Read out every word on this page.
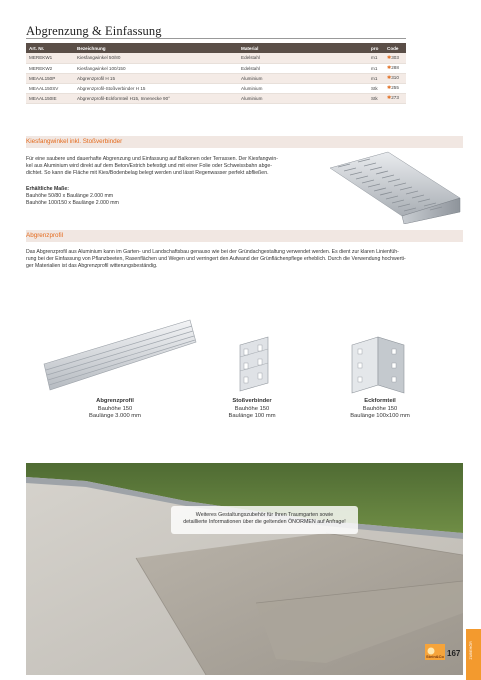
Abgrenzung & Einfassung
Art. Nr.	Bezeichnung	Material	pro	Code
MEREKW1	Kiesfangwinkel 50/80	Edelstahl	m1	✱303
MEREKW2	Kiesfangwinkel 100/150	Edelstahl	m1	✱288
MEAAL150P	Abgrenzprofil H 15	Aluminium	m1	✱310
MEAAL150SV	Abgrenzprofil-Stoßverbinder H 15	Aluminium	Stk	✱255
MEAAL150IE	Abgrenzprofil-Eckformteil H15, Innenecke 90°	Aluminium	Stk	✱273
Kiesfangwinkel inkl. Stoßverbinder
Für eine saubere und dauerhafte Abgrenzung und Einfassung auf Balkonen oder Terrassen. Der Kiesfangwin-
kel aus Aluminium wird direkt auf dem Beton/Estrich befestigt und mit einer Folie oder Schweissbahn abge-
dichtet. So kann die Fläche mit Kies/Bodenbelag belegt werden und lässt Regenwasser perfekt abfließen.
Erhältliche Maße:
Bauhöhe 50/80 x Baulänge 2.000 mm
Bauhöhe 100/150 x Baulänge 2.000 mm
Abgrenzprofil
Das Abgrenzprofil aus Aluminium kann im Garten- und Landschaftsbau genauso wie bei der Gründachgestaltung verwendet werden. Es dient zur klaren Linienfüh-
rung bei der Einfassung von Pflanzbeeten, Rasenflächen und Wegen und verringert den Aufwand der Grünflächenpflege erheblich. Durch die Verwendung hochwerti-
ger Materialien ist das Abgrenzprofil witterungsbeständig.
Abgrenzprofil
Bauhöhe 150
Baulänge 3.000 mm
Stoßverbinder
Bauhöhe 150
Baulänge 100 mm
Eckformteil
Bauhöhe 150
Baulänge 100x100 mm
Weiteres Gestaltungszubehör für Ihren Traumgarten sowie
detaillierte Informationen über die geltenden ÖNORMEN auf Anfrage!
Stein&Co 167 ZUBEHÖR
